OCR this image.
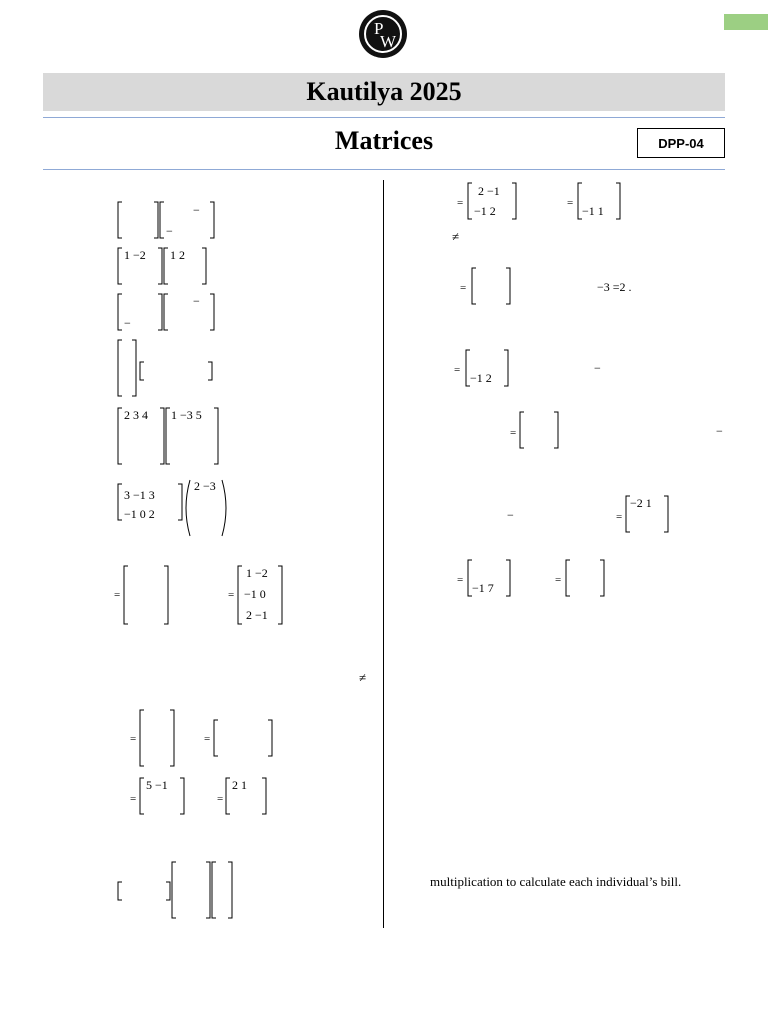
P
W
Kautilya 2025
Matrices	DPP-04
−
−
1 −2 1 2
−
−
2 3 4 1 −3 5
3 −1 3
−1 0 2
2 −3
=	=
1 −2
−1 0
2 −1
≠
=	=
=
5 −1
=
2 1
=
2 −1
−1 2
=
−1 1
≠
=	−3 =2 .
=
−1 2
−
=	−
−	=
−2 1
=
−1 7
=
multiplication to calculate each individual’s bill.
